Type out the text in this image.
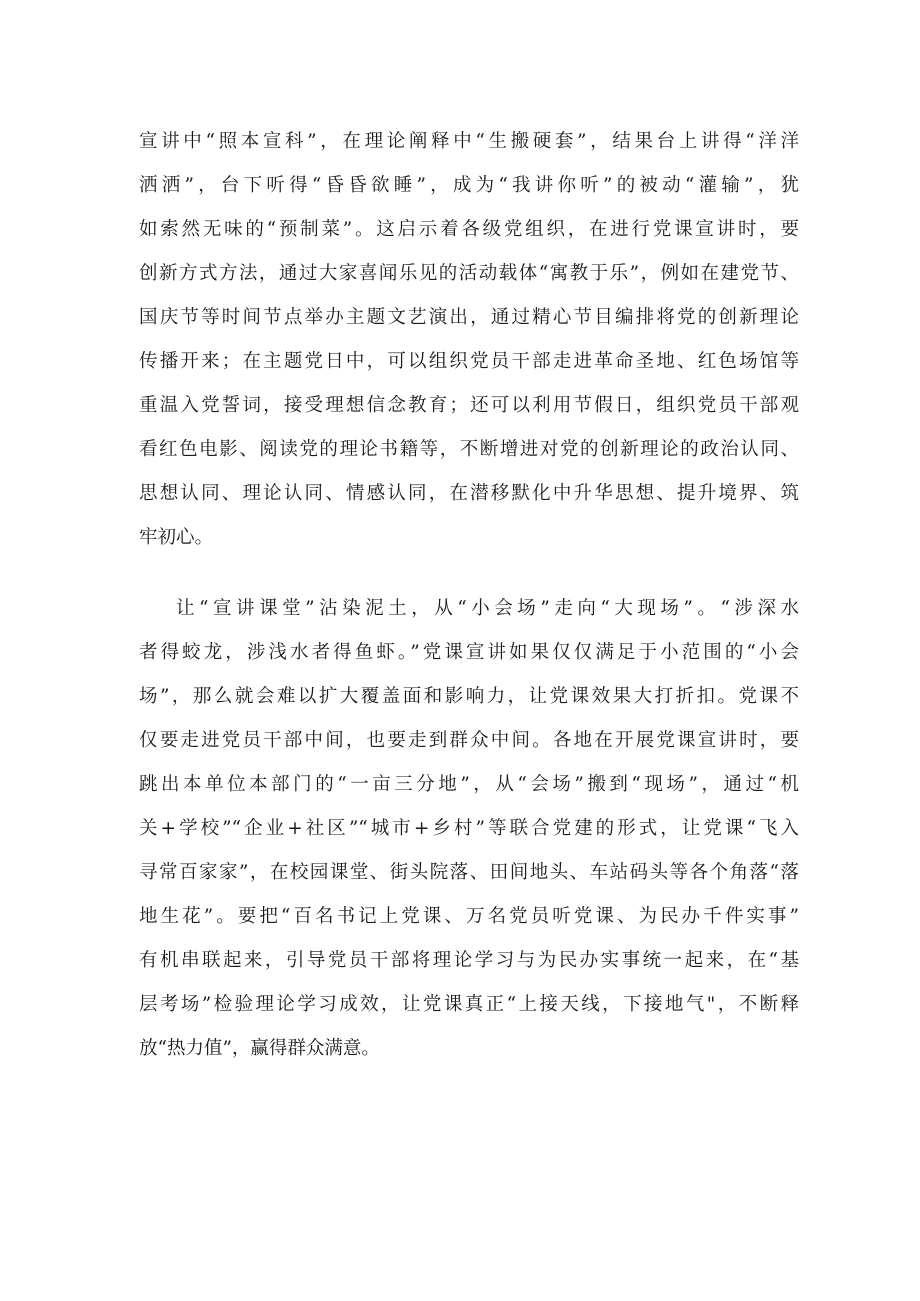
宣讲中“照本宣科”，在理论阐释中“生搬硬套”，结果台上讲得“洋洋
洒洒”，台下听得“昏昏欲睡”，成为“我讲你听”的被动“灌输”，犹
如索然无味的“预制菜”。这启示着各级党组织，在进行党课宣讲时，要
创新方式方法，通过大家喜闻乐见的活动载体“寓教于乐”，例如在建党节、
国庆节等时间节点举办主题文艺演出，通过精心节目编排将党的创新理论
传播开来；在主题党日中，可以组织党员干部走进革命圣地、红色场馆等
重温入党誓词，接受理想信念教育；还可以利用节假日，组织党员干部观
看红色电影、阅读党的理论书籍等，不断增进对党的创新理论的政治认同、
思想认同、理论认同、情感认同，在潜移默化中升华思想、提升境界、筑
牢初心。
让“宣讲课堂”沾染泥土，从“小会场”走向“大现场”。“涉深水
者得蛟龙，涉浅水者得鱼虾。”党课宣讲如果仅仅满足于小范围的“小会
场”，那么就会难以扩大覆盖面和影响力，让党课效果大打折扣。党课不
仅要走进党员干部中间，也要走到群众中间。各地在开展党课宣讲时，要
跳出本单位本部门的“一亩三分地”，从“会场”搬到“现场”，通过“机
关+学校”“企业+社区”“城市+乡村”等联合党建的形式，让党课“飞入
寻常百家家”，在校园课堂、街头院落、田间地头、车站码头等各个角落“落
地生花”。要把“百名书记上党课、万名党员听党课、为民办千件实事”
有机串联起来，引导党员干部将理论学习与为民办实事统一起来，在“基
层考场”检验理论学习成效，让党课真正“上接天线，下接地气"，不断释
放“热力值”，赢得群众满意。
